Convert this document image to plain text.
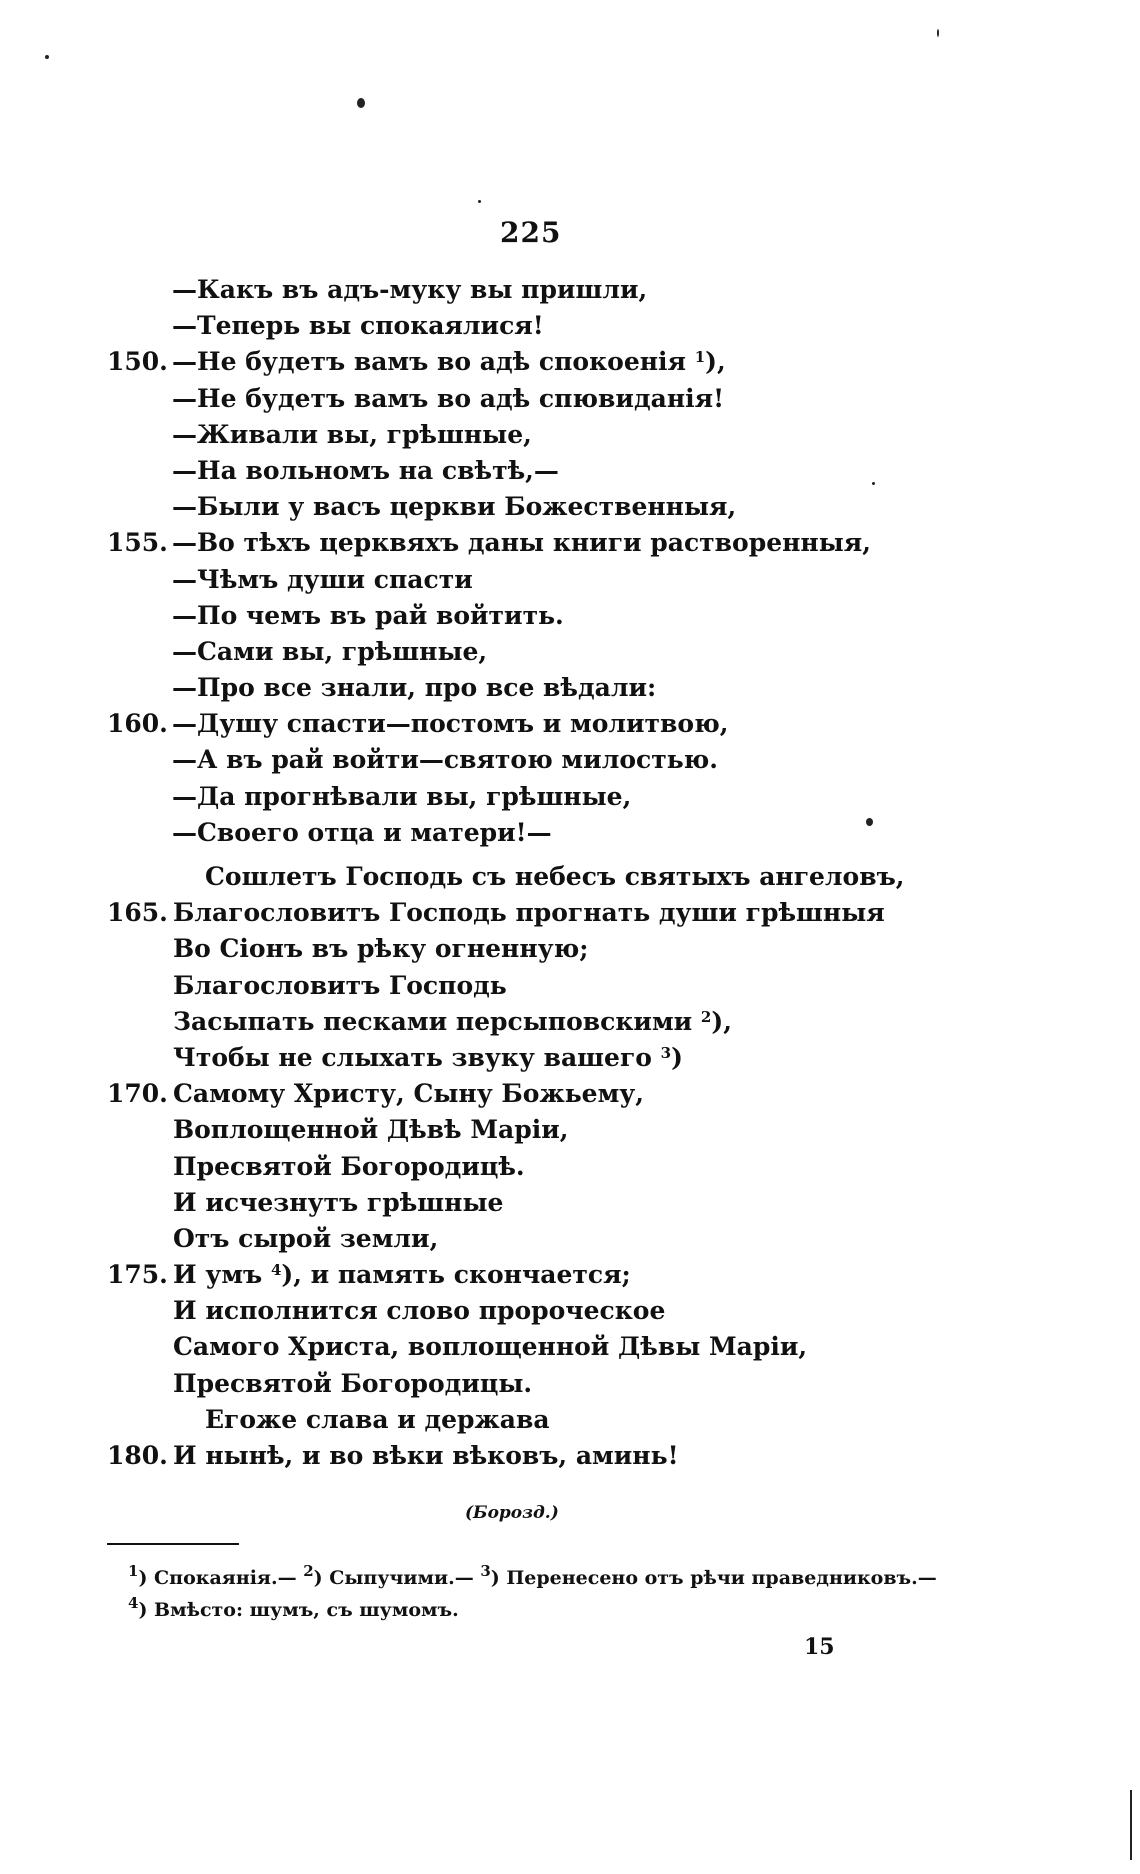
225
—Какъ въ адъ-муку вы пришли,
—Теперь вы спокаялися!
150. —Не будетъ вамъ во адѣ спокоенія $^1$),
—Не будетъ вамъ во адѣ спювиданія!
—Живали вы, грѣшные,
—На вольномъ на свѣтѣ,—
—Были у васъ церкви Божественныя,
155. —Во тѣхъ церквяхъ даны книги растворенныя,
—Чѣмъ души спасти
—По чемъ въ рай войтить.
—Сами вы, грѣшные,
—Про все знали, про все вѣдали:
160. —Душу спасти—постомъ и молитвою,
—А въ рай войти—святою милостью.
—Да прогнѣвали вы, грѣшные,
—Своего отца и матери!—
Сошлетъ Господь съ небесъ святыхъ ангеловъ,
165. Благословитъ Господь прогнать души грѣшныя
Во Сіонъ въ рѣку огненную;
Благословитъ Господь
Засыпать песками персыповскими $^2$),
Чтобы не слыхать звуку вашего $^3$)
170. Самому Христу, Сыну Божьему,
Воплощенной Дѣвѣ Маріи,
Пресвятой Богородицѣ.
И исчезнутъ грѣшные
Отъ сырой земли,
175. И умъ $^4$), и память скончается;
И исполнится слово пророческое
Самого Христа, воплощенной Дѣвы Маріи,
Пресвятой Богородицы.
Егоже слава и держава
180. И нынѣ, и во вѣки вѣковъ, аминь!
(Борозд.)
$^1$) Спокаянія.— $^2$) Сыпучими.— $^3$) Перенесено отъ рѣчи праведниковъ.—
$^4$) Вмѣсто: шумъ, съ шумомъ.
15
